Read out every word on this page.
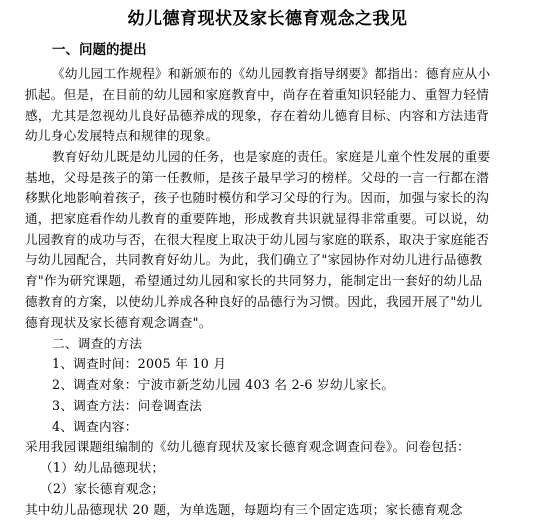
幼儿德育现状及家长德育观念之我见
一、问题的提出
《幼儿园工作规程》和新颁布的《幼儿园教育指导纲要》都指出：德育应从小
抓起。但是，在目前的幼儿园和家庭教育中，尚存在着重知识轻能力、重智力轻情
感，尤其是忽视幼儿良好品德养成的现象，存在着幼儿德育目标、内容和方法违背
幼儿身心发展特点和规律的现象。
教育好幼儿既是幼儿园的任务，也是家庭的责任。家庭是儿童个性发展的重要
基地，父母是孩子的第一任教师，是孩子最早学习的榜样。父母的一言一行都在潜
移默化地影响着孩子，孩子也随时模仿和学习父母的行为。因而，加强与家长的沟
通，把家庭看作幼儿教育的重要阵地，形成教育共识就显得非常重要。可以说，幼
儿园教育的成功与否，在很大程度上取决于幼儿园与家庭的联系，取决于家庭能否
与幼儿园配合，共同教育好幼儿。为此，我们确立了"家园协作对幼儿进行品德教
育"作为研究课题，希望通过幼儿园和家长的共同努力，能制定出一套好的幼儿品
德教育的方案，以使幼儿养成各种良好的品德行为习惯。因此，我园开展了"幼儿
德育现状及家长德育观念调查"。
二、调查的方法
1、调查时间：2005 年 10 月
2、调查对象：宁波市新芝幼儿园 403 名 2-6 岁幼儿家长。
3、调查方法：问卷调查法
4、调查内容：
采用我园课题组编制的《幼儿德育现状及家长德育观念调查问卷》。问卷包括：
（1）幼儿品德现状；
（2）家长德育观念；
其中幼儿品德现状 20 题，为单选题，每题均有三个固定选项；家长德育观念
